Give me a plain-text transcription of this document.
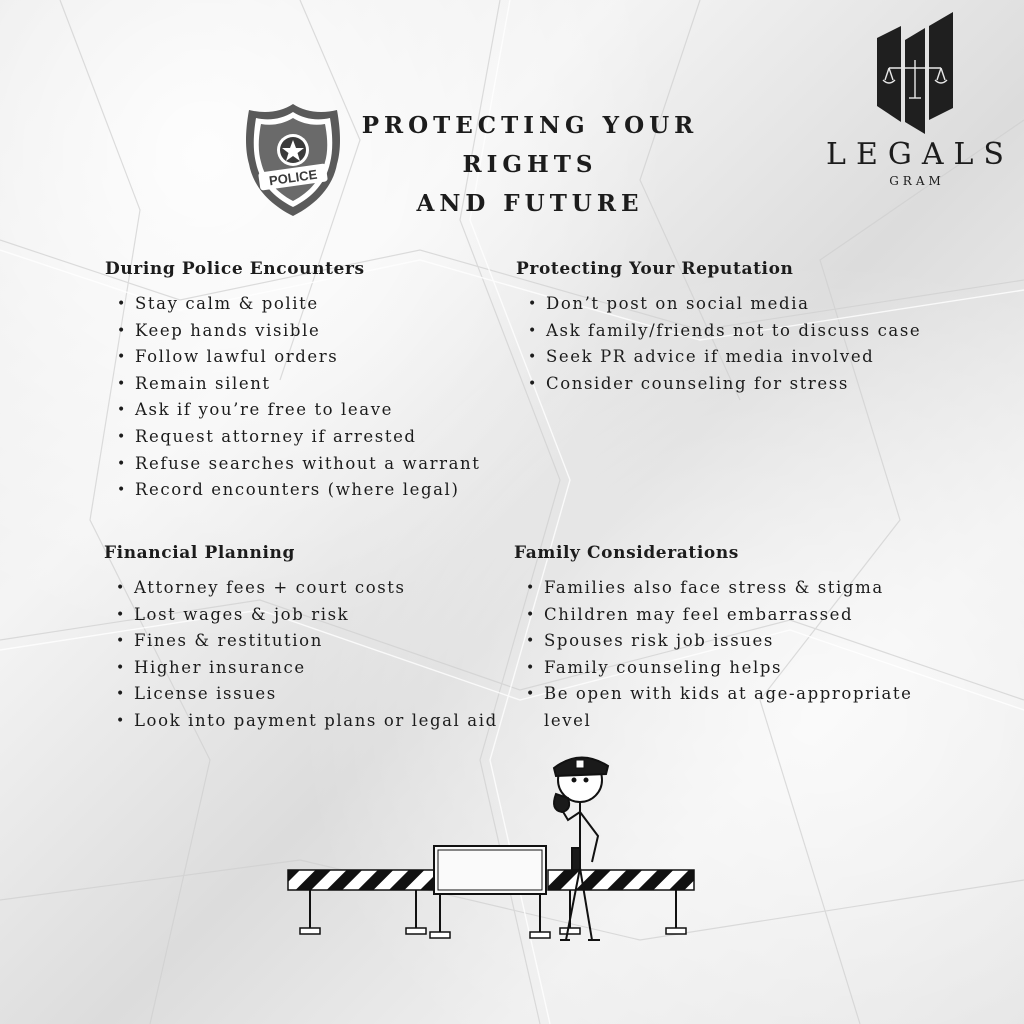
POLICE
PROTECTING YOUR
RIGHTS
AND FUTURE
LEGALS
GRAM
During Police Encounters
• Stay calm & polite
• Keep hands visible
• Follow lawful orders
• Remain silent
• Ask if you’re free to leave
• Request attorney if arrested
• Refuse searches without a warrant
• Record encounters (where legal)
Protecting Your Reputation
• Don’t post on social media
• Ask family/friends not to discuss case
• Seek PR advice if media involved
• Consider counseling for stress
Financial Planning
• Attorney fees + court costs
• Lost wages & job risk
• Fines & restitution
• Higher insurance
• License issues
• Look into payment plans or legal aid
Family Considerations
• Families also face stress & stigma
• Children may feel embarrassed
• Spouses risk job issues
• Family counseling helps
• Be open with kids at age-appropriate level
